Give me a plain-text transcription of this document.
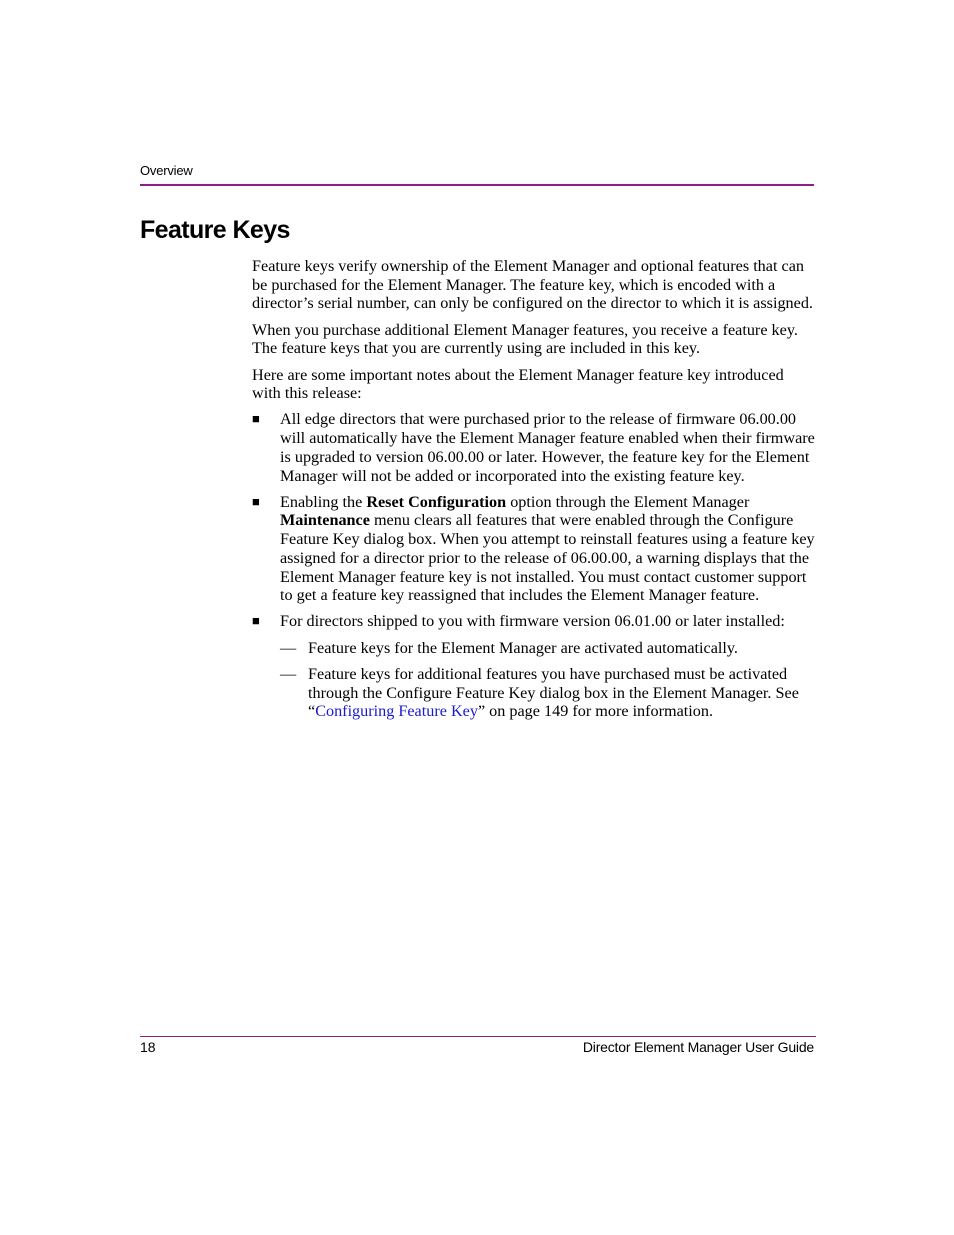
Overview
Feature Keys

Feature keys verify ownership of the Element Manager and optional features that can be purchased for the Element Manager. The feature key, which is encoded with a director’s serial number, can only be configured on the director to which it is assigned.

When you purchase additional Element Manager features, you receive a feature key. The feature keys that you are currently using are included in this key.

Here are some important notes about the Element Manager feature key introduced with this release:

■ All edge directors that were purchased prior to the release of firmware 06.00.00 will automatically have the Element Manager feature enabled when their firmware is upgraded to version 06.00.00 or later. However, the feature key for the Element Manager will not be added or incorporated into the existing feature key.
■ Enabling the Reset Configuration option through the Element Manager Maintenance menu clears all features that were enabled through the Configure Feature Key dialog box. When you attempt to reinstall features using a feature key assigned for a director prior to the release of 06.00.00, a warning displays that the Element Manager feature key is not installed. You must contact customer support to get a feature key reassigned that includes the Element Manager feature.
■ For directors shipped to you with firmware version 06.01.00 or later installed:
— Feature keys for the Element Manager are activated automatically.
— Feature keys for additional features you have purchased must be activated through the Configure Feature Key dialog box in the Element Manager. See “Configuring Feature Key” on page 149 for more information.
18	Director Element Manager User Guide
